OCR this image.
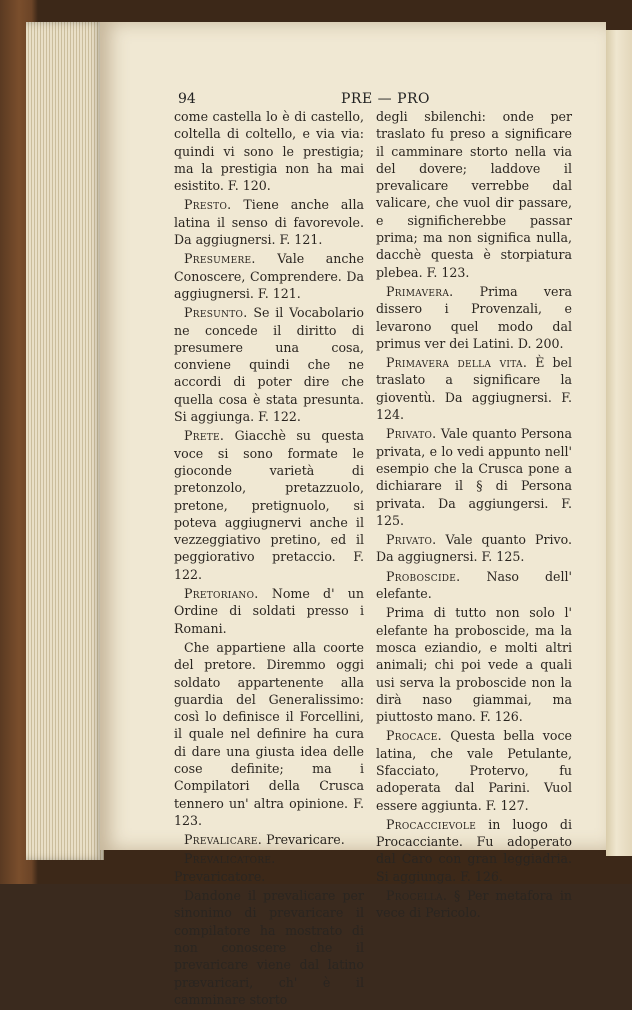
94	PRE — PRO

come castella lo è di castello, coltella di coltello, e via via: quindi vi sono le prestigia; ma la prestigia non ha mai esistito. F. 120.

Presto. Tiene anche alla latina il senso di favorevole. Da aggiugnersi. F. 121.

Presumere. Vale anche Conoscere, Comprendere. Da aggiugnersi. F. 121.

Presunto. Se il Vocabolario ne concede il diritto di presumere una cosa, conviene quindi che ne accordi di poter dire che quella cosa è stata presunta. Si aggiunga. F. 122.

Prete. Giacchè su questa voce si sono formate le gioconde varietà di pretonzolo, pretazzuolo, pretone, pretignuolo, si poteva aggiugnervi anche il vezzeggiativo pretino, ed il peggiorativo pretaccio. F. 122.

Pretoriano. Nome d' un Ordine di soldati presso i Romani.

Che appartiene alla coorte del pretore. Diremmo oggi soldato appartenente alla guardia del Generalissimo: così lo definisce il Forcellini, il quale nel definire ha cura di dare una giusta idea delle cose definite; ma i Compilatori della Crusca tennero un' altra opinione. F. 123.

Prevalicare. Prevaricare.

Prevalicatore. Prevaricatore.

Dandone il prevalicare per sinonimo di prevaricare il compilatore ha mostrato di non conoscere che il prevaricare viene dal latino prævaricari, ch' è il camminare storto

degli sbilenchi: onde per traslato fu preso a significare il camminare storto nella via del dovere; laddove il prevalicare verrebbe dal valicare, che vuol dir passare, e significherebbe passar prima; ma non significa nulla, dacchè questa è storpiatura plebea. F. 123.

Primavera. Prima vera dissero i Provenzali, e levarono quel modo dal primus ver dei Latini. D. 200.

Primavera della vita. È bel traslato a significare la gioventù. Da aggiugnersi. F. 124.

Privato. Vale quanto Persona privata, e lo vedi appunto nell' esempio che la Crusca pone a dichiarare il § di Persona privata. Da aggiungersi. F. 125.

Privato. Vale quanto Privo. Da aggiugnersi. F. 125.

Proboscide. Naso dell' elefante.

Prima di tutto non solo l' elefante ha proboscide, ma la mosca eziandio, e molti altri animali; chi poi vede a quali usi serva la proboscide non la dirà naso giammai, ma piuttosto mano. F. 126.

Procace. Questa bella voce latina, che vale Petulante, Sfacciato, Protervo, fu adoperata dal Parini. Vuol essere aggiunta. F. 127.

Procaccievole in luogo di Procacciante. Fu adoperato dal Caro con gran leggiadria. Si aggiunga. F. 126.

Procella. § Per metafora in vece di Pericolo.
